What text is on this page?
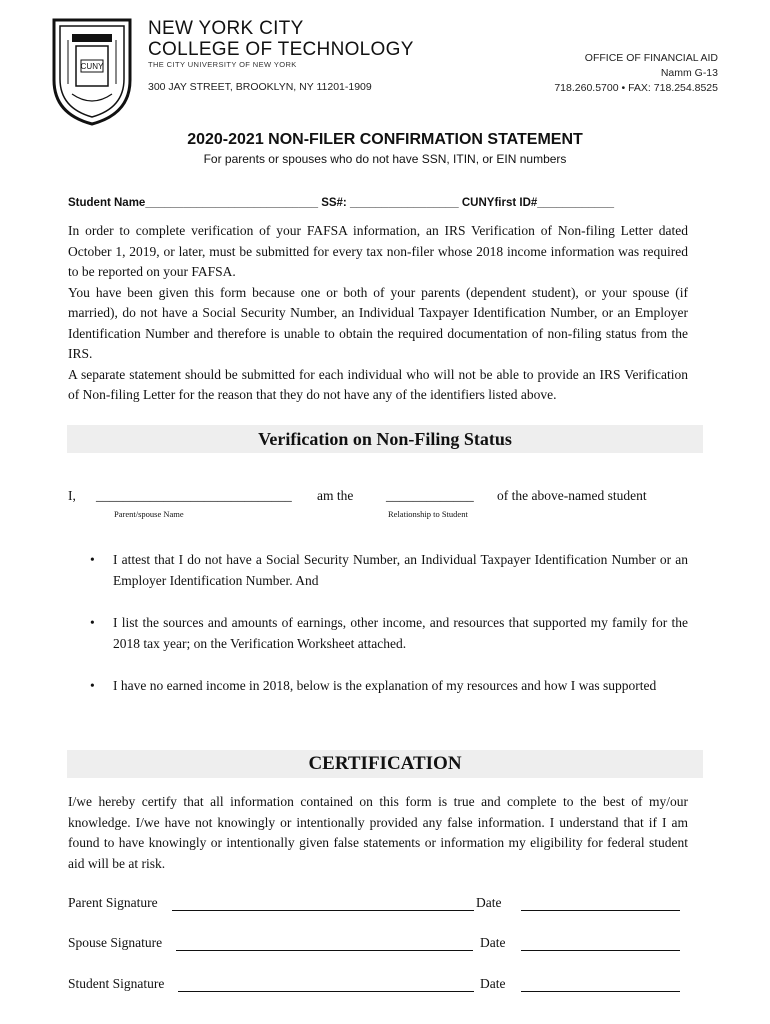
CUNY
NEW YORK CITY
COLLEGE OF TECHNOLOGY
THE CITY UNIVERSITY OF NEW YORK
300 JAY STREET, BROOKLYN, NY 11201-1909
OFFICE OF FINANCIAL AID
Namm G-13
718.260.5700 • FAX: 718.254.8525
2020-2021 NON-FILER CONFIRMATION STATEMENT
For parents or spouses who do not have SSN, ITIN, or EIN numbers
Student Name___________________________ SS#: _________________ CUNYfirst ID#____________

In order to complete verification of your FAFSA information, an IRS Verification of Non-filing Letter dated October 1, 2019, or later, must be submitted for every tax non-filer whose 2018 income information was required to be reported on your FAFSA.

You have been given this form because one or both of your parents (dependent student), or your spouse (if married), do not have a Social Security Number, an Individual Taxpayer Identification Number, or an Employer Identification Number and therefore is unable to obtain the required documentation of non-filing status from the IRS.

A separate statement should be submitted for each individual who will not be able to provide an IRS Verification of Non-filing Letter for the reason that they do not have any of the identifiers listed above.

Verification on Non-Filing Status
I, _____________________________ am the _____________ of the above-named student
Parent/spouse Name	Relationship to Student
• I attest that I do not have a Social Security Number, an Individual Taxpayer Identification Number or an Employer Identification Number. And
• I list the sources and amounts of earnings, other income, and resources that supported my family for the 2018 tax year; on the Verification Worksheet attached.
• I have no earned income in 2018, below is the explanation of my resources and how I was supported
CERTIFICATION

I/we hereby certify that all information contained on this form is true and complete to the best of my/our knowledge. I/we have not knowingly or intentionally provided any false information. I understand that if I am found to have knowingly or intentionally given false statements or information my eligibility for federal student aid will be at risk.

Parent Signature	Date
Spouse Signature	Date
Student Signature	Date
